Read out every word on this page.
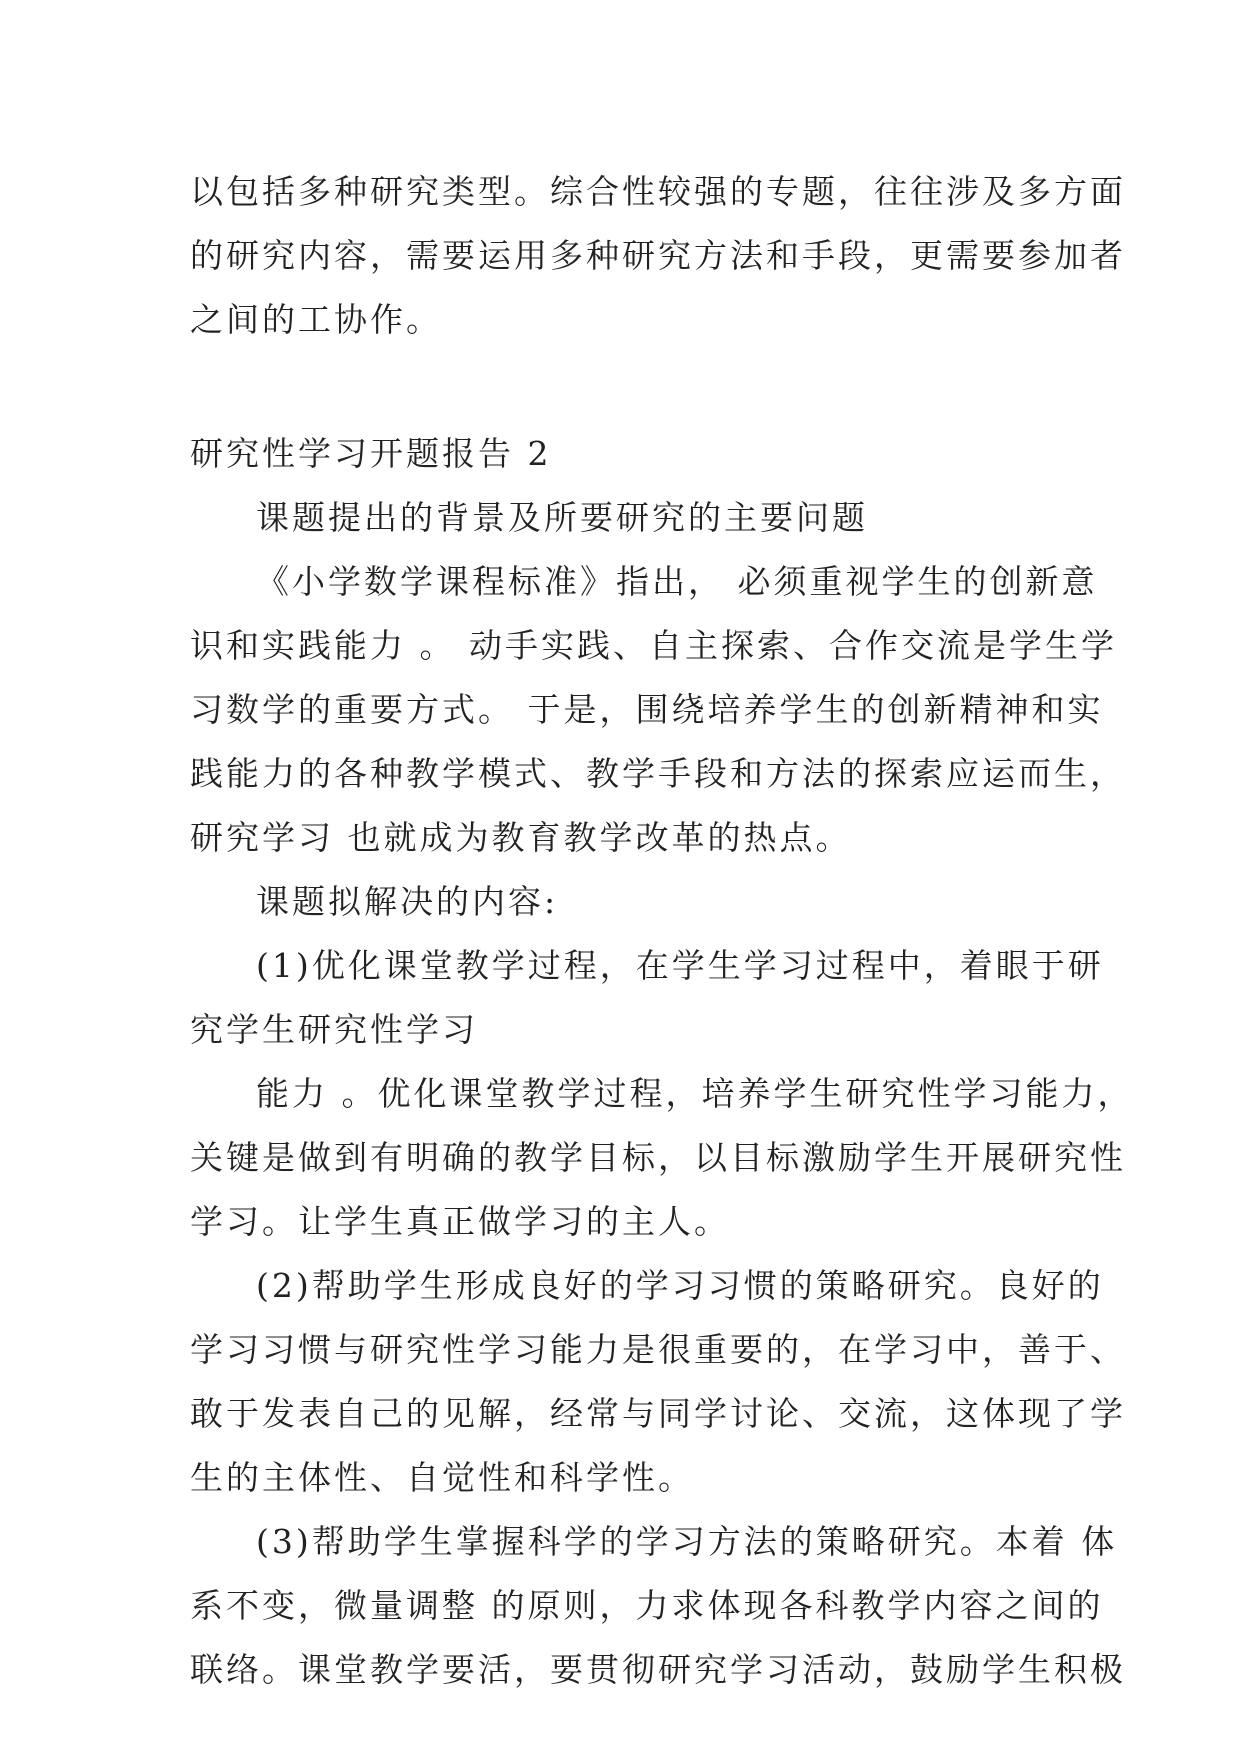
以包括多种研究类型。综合性较强的专题，往往涉及多方面
的研究内容，需要运用多种研究方法和手段，更需要参加者
之间的工协作。
研究性学习开题报告 2
课题提出的背景及所要研究的主要问题
《小学数学课程标准》指出， 必须重视学生的创新意
识和实践能力 。 动手实践、自主探索、合作交流是学生学
习数学的重要方式。 于是，围绕培养学生的创新精神和实
践能力的各种教学模式、教学手段和方法的探索应运而生，
研究学习 也就成为教育教学改革的热点。
课题拟解决的内容:
(1)优化课堂教学过程，在学生学习过程中，着眼于研
究学生研究性学习
能力 。优化课堂教学过程，培养学生研究性学习能力，
关键是做到有明确的教学目标，以目标激励学生开展研究性
学习。让学生真正做学习的主人。
(2)帮助学生形成良好的学习习惯的策略研究。良好的
学习习惯与研究性学习能力是很重要的，在学习中，善于、
敢于发表自己的见解，经常与同学讨论、交流，这体现了学
生的主体性、自觉性和科学性。
(3)帮助学生掌握科学的学习方法的策略研究。本着 体
系不变，微量调整 的原则，力求体现各科教学内容之间的
联络。课堂教学要活，要贯彻研究学习活动，鼓励学生积极
